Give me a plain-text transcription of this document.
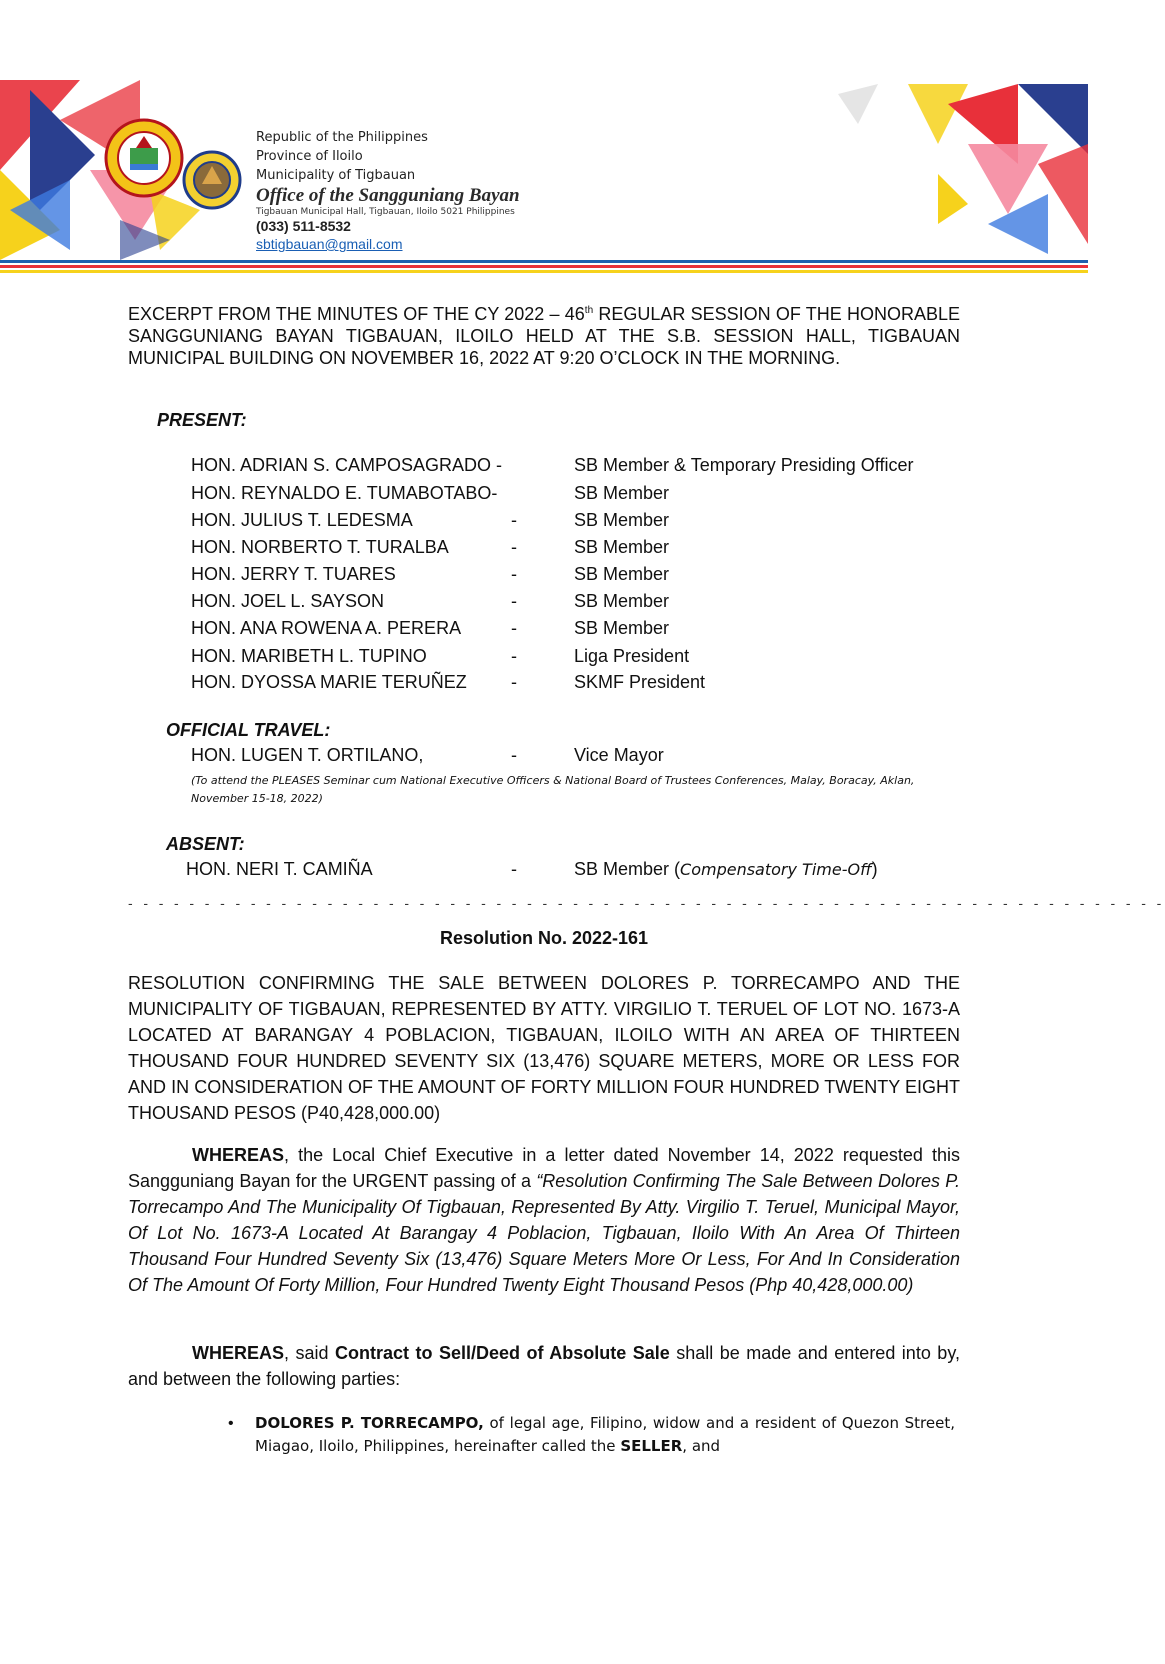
Republic of the Philippines
Province of Iloilo
Municipality of Tigbauan
Office of the Sangguniang Bayan
Tigbauan Municipal Hall, Tigbauan, Iloilo 5021 Philippines
(033) 511-8532
sbtigbauan@gmail.com
EXCERPT FROM THE MINUTES OF THE CY 2022 – 46th REGULAR SESSION OF THE HONORABLE SANGGUNIANG BAYAN TIGBAUAN, ILOILO HELD AT THE S.B. SESSION HALL, TIGBAUAN MUNICIPAL BUILDING ON NOVEMBER 16, 2022 AT 9:20 O’CLOCK IN THE MORNING.
PRESENT:
HON. ADRIAN S. CAMPOSAGRADO -	SB Member & Temporary Presiding Officer
HON. REYNALDO E. TUMABOTABO-	SB Member
HON. JULIUS T. LEDESMA	-	SB Member
HON. NORBERTO T. TURALBA	-	SB Member
HON. JERRY T. TUARES	-	SB Member
HON. JOEL L. SAYSON	-	SB Member
HON. ANA ROWENA A. PERERA	-	SB Member
HON. MARIBETH L. TUPINO	-	Liga President
HON. DYOSSA MARIE TERUÑEZ -	SKMF President
OFFICIAL TRAVEL:
HON. LUGEN T. ORTILANO,	-	Vice Mayor
(To attend the PLEASES Seminar cum National Executive Officers & National Board of Trustees Conferences, Malay, Boracay, Aklan, November 15-18, 2022)
ABSENT:
HON. NERI T. CAMIÑA	-	SB Member (Compensatory Time-Off)
- - - - - - - - - - - - - - - - - - - - - - - - - - - - - - - - - - - - - - - - - - - - - - - - - - - - - - - - - - - - - - - - - - - -
Resolution No. 2022-161
RESOLUTION CONFIRMING THE SALE BETWEEN DOLORES P. TORRECAMPO AND THE MUNICIPALITY OF TIGBAUAN, REPRESENTED BY ATTY. VIRGILIO T. TERUEL OF LOT NO. 1673-A LOCATED AT BARANGAY 4 POBLACION, TIGBAUAN, ILOILO WITH AN AREA OF THIRTEEN THOUSAND FOUR HUNDRED SEVENTY SIX (13,476) SQUARE METERS, MORE OR LESS FOR AND IN CONSIDERATION OF THE AMOUNT OF FORTY MILLION FOUR HUNDRED TWENTY EIGHT THOUSAND PESOS (P40,428,000.00)
WHEREAS, the Local Chief Executive in a letter dated November 14, 2022 requested this Sangguniang Bayan for the URGENT passing of a “Resolution Confirming The Sale Between Dolores P. Torrecampo And The Municipality Of Tigbauan, Represented By Atty. Virgilio T. Teruel, Municipal Mayor, Of Lot No. 1673-A Located At Barangay 4 Poblacion, Tigbauan, Iloilo With An Area Of Thirteen Thousand Four Hundred Seventy Six (13,476) Square Meters More Or Less, For And In Consideration Of The Amount Of Forty Million, Four Hundred Twenty Eight Thousand Pesos (Php 40,428,000.00)
WHEREAS, said Contract to Sell/Deed of Absolute Sale shall be made and entered into by, and between the following parties:
• DOLORES P. TORRECAMPO, of legal age, Filipino, widow and a resident of Quezon Street, Miagao, Iloilo, Philippines, hereinafter called the SELLER, and
